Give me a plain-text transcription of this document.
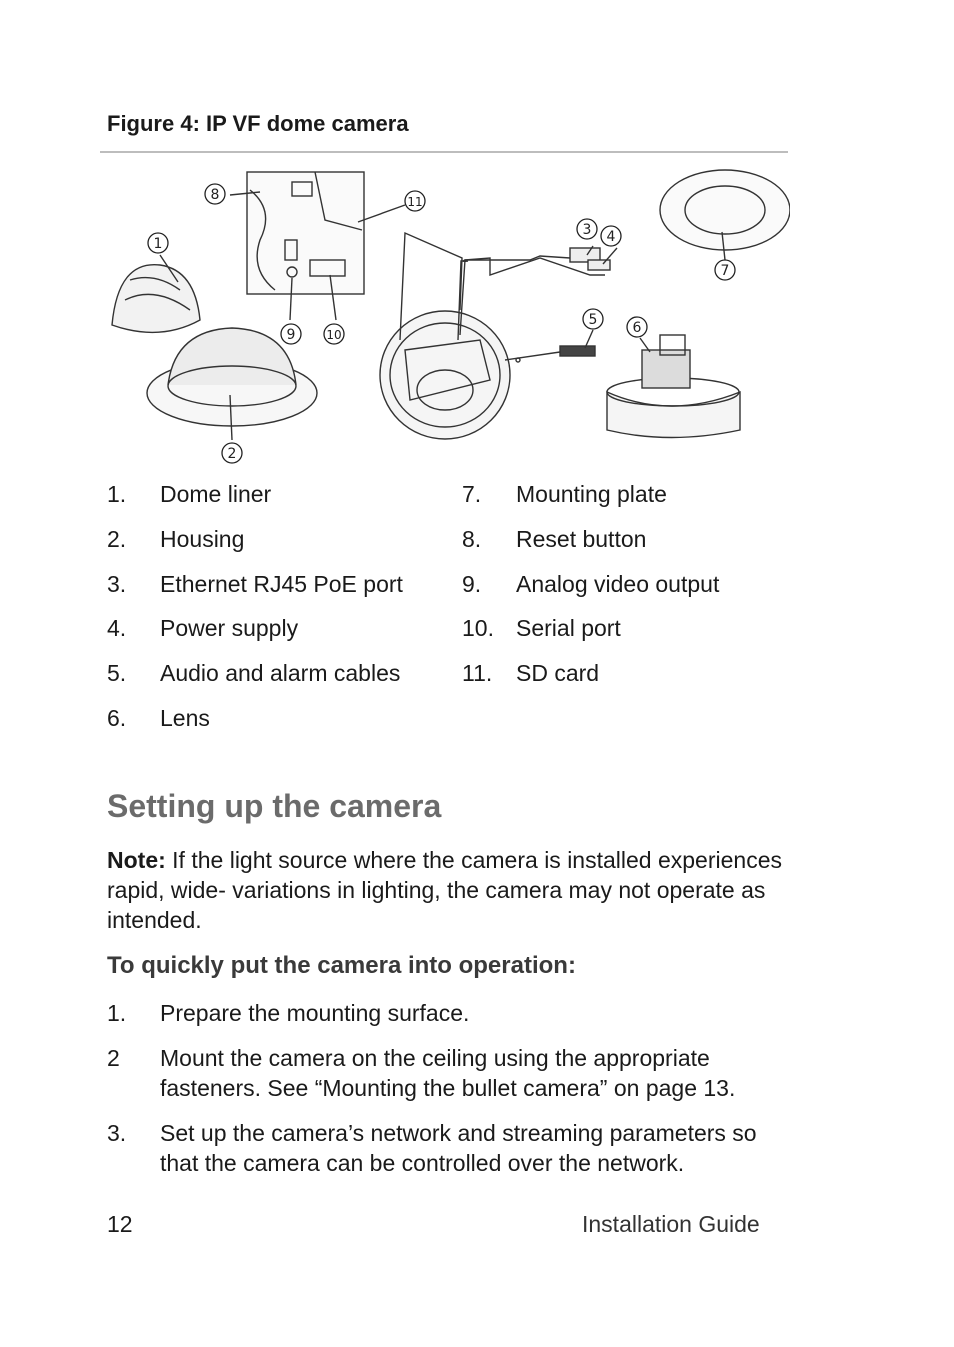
Figure 4: IP VF dome camera
1
2
3 4
5	6
7
8
9	10
11
1. Dome liner
2. Housing
3. Ethernet RJ45 PoE port
4. Power supply
5. Audio and alarm cables
6. Lens
7. Mounting plate
8. Reset button
9. Analog video output
10. Serial port
11. SD card
Setting up the camera
Note: If the light source where the camera is installed experiences rapid, wide- variations in lighting, the camera may not operate as intended.
To quickly put the camera into operation:
1. Prepare the mounting surface.
2 Mount the camera on the ceiling using the appropriate fasteners. See “Mounting the bullet camera” on page 13.
3. Set up the camera’s network and streaming parameters so that the camera can be controlled over the network.
12	Installation Guide
